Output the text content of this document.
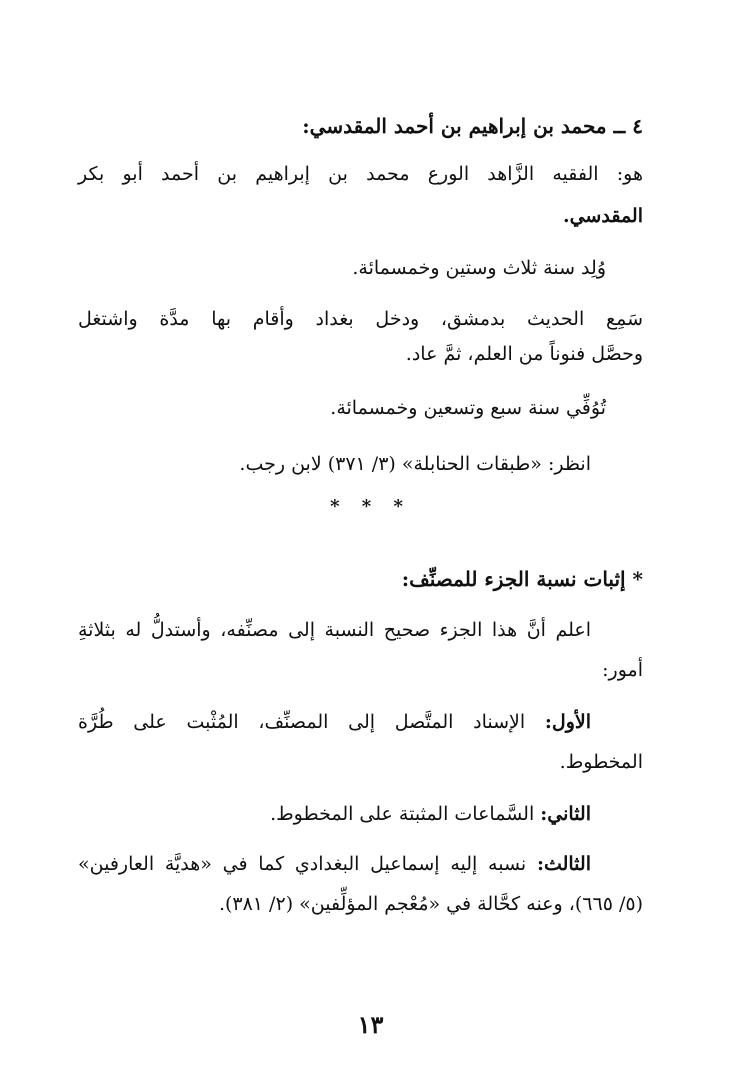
٤ ــ محمد بن إبراهيم بن أحمد المقدسي:
هو: الفقيه الزَّاهد الورع محمد بن إبراهيم بن أحمد أبو بكر
المقدسي.
وُلِد سنة ثلاث وستين وخمسمائة.
سَمِع الحديث بدمشق، ودخل بغداد وأقام بها مدَّة واشتغل
وحصَّل فنوناً من العلم، ثمَّ عاد.
تُوُفِّي سنة سبع وتسعين وخمسمائة.
انظر: «طبقات الحنابلة» (٣/ ٣٧١) لابن رجب.
* * *
* إثبات نسبة الجزء للمصنِّف:
اعلم أنَّ هذا الجزء صحيح النسبة إلى مصنِّفه، وأستدلُّ له بثلاثةِ
أمور:
الأول: الإسناد المتَّصل إلى المصنِّف، المُثْبت على طُرَّة
المخطوط.
الثاني: السَّماعات المثبتة على المخطوط.
الثالث: نسبه إليه إسماعيل البغدادي كما في «هديَّة العارفين»
(٥/ ٦٦٥)، وعنه كحَّالة في «مُعْجم المؤلِّفين» (٢/ ٣٨١).
١٣
